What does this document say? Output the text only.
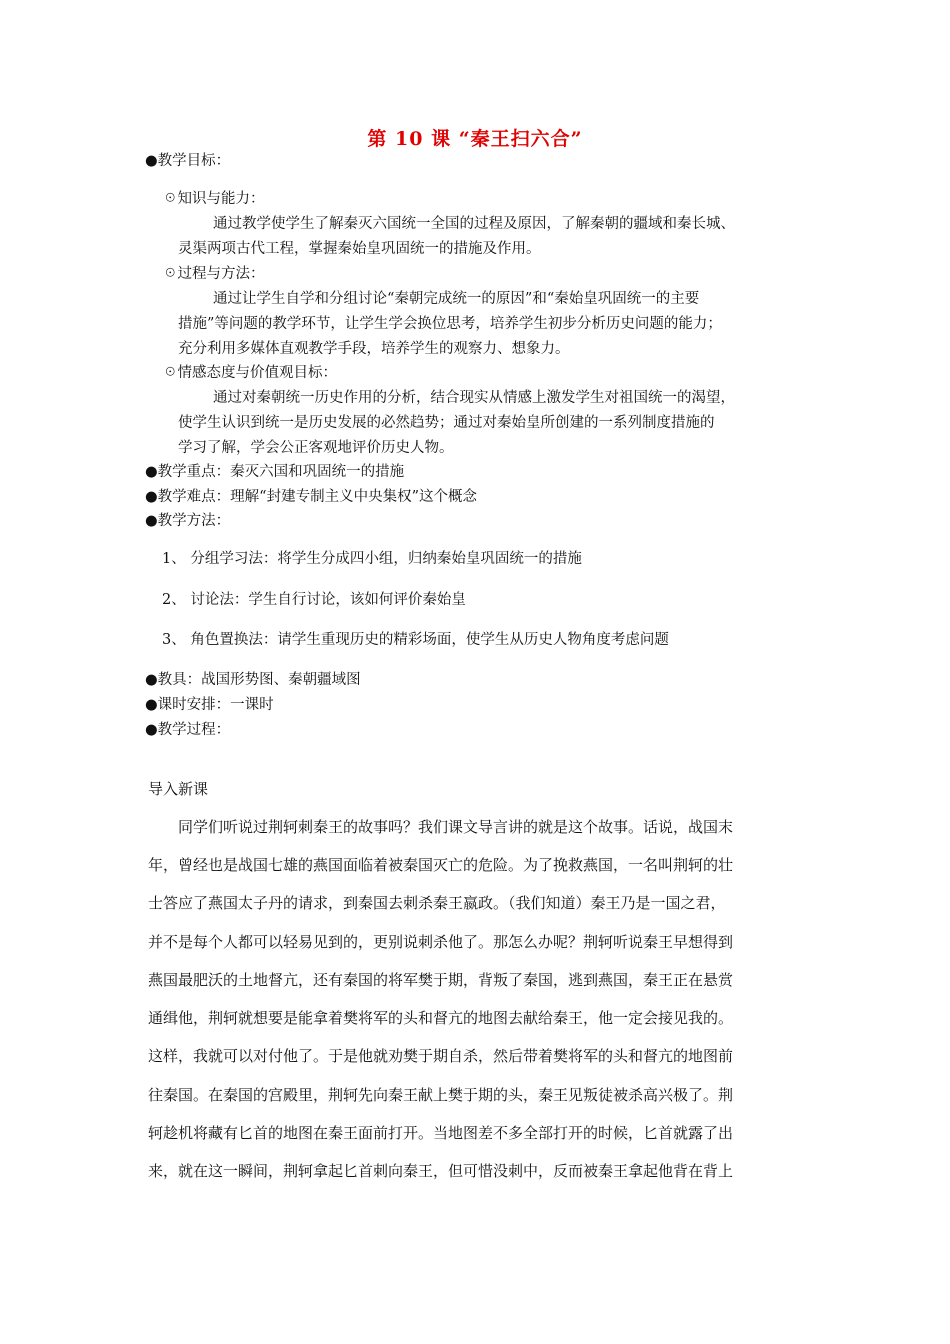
第 10 课 “秦王扫六合”
●教学目标：
☉知识与能力：
通过教学使学生了解秦灭六国统一全国的过程及原因，了解秦朝的疆域和秦长城、
灵渠两项古代工程，掌握秦始皇巩固统一的措施及作用。
☉过程与方法：
通过让学生自学和分组讨论“秦朝完成统一的原因”和“秦始皇巩固统一的主要
措施”等问题的教学环节，让学生学会换位思考，培养学生初步分析历史问题的能力；
充分利用多媒体直观教学手段，培养学生的观察力、想象力。
☉情感态度与价值观目标：
通过对秦朝统一历史作用的分析，结合现实从情感上激发学生对祖国统一的渴望，
使学生认识到统一是历史发展的必然趋势；通过对秦始皇所创建的一系列制度措施的
学习了解，学会公正客观地评价历史人物。
●教学重点：秦灭六国和巩固统一的措施
●教学难点：理解“封建专制主义中央集权”这个概念
●教学方法：
1、 分组学习法：将学生分成四小组，归纳秦始皇巩固统一的措施
2、 讨论法：学生自行讨论，该如何评价秦始皇
3、 角色置换法：请学生重现历史的精彩场面，使学生从历史人物角度考虑问题
●教具：战国形势图、秦朝疆域图
●课时安排：一课时
●教学过程：
导入新课
同学们听说过荆轲刺秦王的故事吗？我们课文导言讲的就是这个故事。话说，战国末
年，曾经也是战国七雄的燕国面临着被秦国灭亡的危险。为了挽救燕国，一名叫荆轲的壮
士答应了燕国太子丹的请求，到秦国去刺杀秦王嬴政。（我们知道）秦王乃是一国之君，
并不是每个人都可以轻易见到的，更别说刺杀他了。那怎么办呢？荆轲听说秦王早想得到
燕国最肥沃的土地督亢，还有秦国的将军樊于期，背叛了秦国，逃到燕国，秦王正在悬赏
通缉他，荆轲就想要是能拿着樊将军的头和督亢的地图去献给秦王，他一定会接见我的。
这样，我就可以对付他了。于是他就劝樊于期自杀，然后带着樊将军的头和督亢的地图前
往秦国。在秦国的宫殿里，荆轲先向秦王献上樊于期的头，秦王见叛徒被杀高兴极了。荆
轲趁机将藏有匕首的地图在秦王面前打开。当地图差不多全部打开的时候，匕首就露了出
来，就在这一瞬间，荆轲拿起匕首刺向秦王，但可惜没刺中，反而被秦王拿起他背在背上
